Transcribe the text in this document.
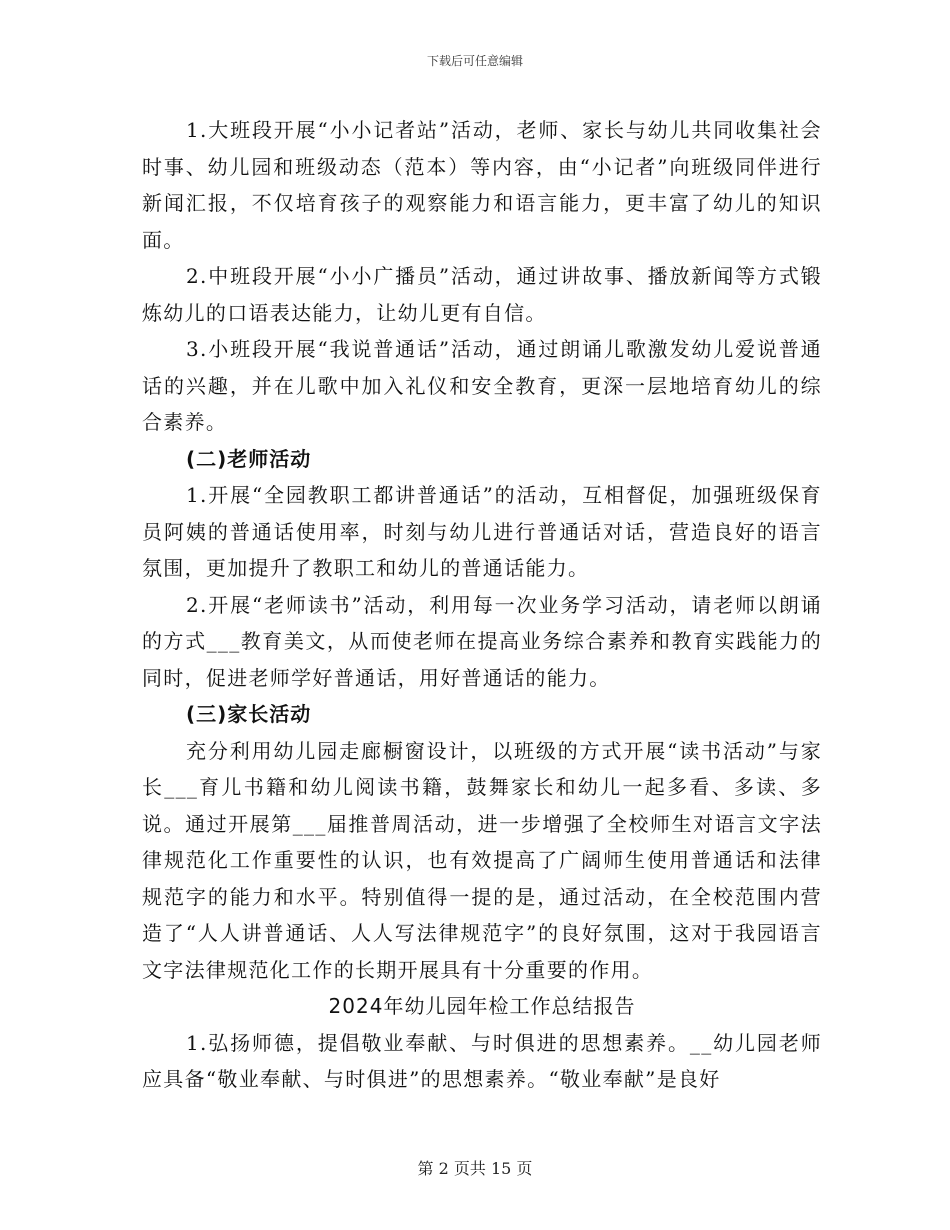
下载后可任意编辑

1.大班段开展“小小记者站”活动，老师、家长与幼儿共同收集社会时事、幼儿园和班级动态（范本）等内容，由“小记者”向班级同伴进行新闻汇报，不仅培育孩子的观察能力和语言能力，更丰富了幼儿的知识面。

2.中班段开展“小小广播员”活动，通过讲故事、播放新闻等方式锻炼幼儿的口语表达能力，让幼儿更有自信。

3.小班段开展“我说普通话”活动，通过朗诵儿歌激发幼儿爱说普通话的兴趣，并在儿歌中加入礼仪和安全教育，更深一层地培育幼儿的综合素养。

(二)老师活动

1.开展“全园教职工都讲普通话”的活动，互相督促，加强班级保育员阿姨的普通话使用率，时刻与幼儿进行普通话对话，营造良好的语言氛围，更加提升了教职工和幼儿的普通话能力。

2.开展“老师读书”活动，利用每一次业务学习活动，请老师以朗诵的方式___教育美文，从而使老师在提高业务综合素养和教育实践能力的同时，促进老师学好普通话，用好普通话的能力。

(三)家长活动

充分利用幼儿园走廊橱窗设计，以班级的方式开展“读书活动”与家长___育儿书籍和幼儿阅读书籍，鼓舞家长和幼儿一起多看、多读、多说。通过开展第___届推普周活动，进一步增强了全校师生对语言文字法律规范化工作重要性的认识，也有效提高了广阔师生使用普通话和法律规范字的能力和水平。特别值得一提的是，通过活动，在全校范围内营造了“人人讲普通话、人人写法律规范字”的良好氛围，这对于我园语言文字法律规范化工作的长期开展具有十分重要的作用。

2024年幼儿园年检工作总结报告

1.弘扬师德，提倡敬业奉献、与时俱进的思想素养。__幼儿园老师应具备“敬业奉献、与时俱进”的思想素养。“敬业奉献”是良好

第 2 页共 15 页
